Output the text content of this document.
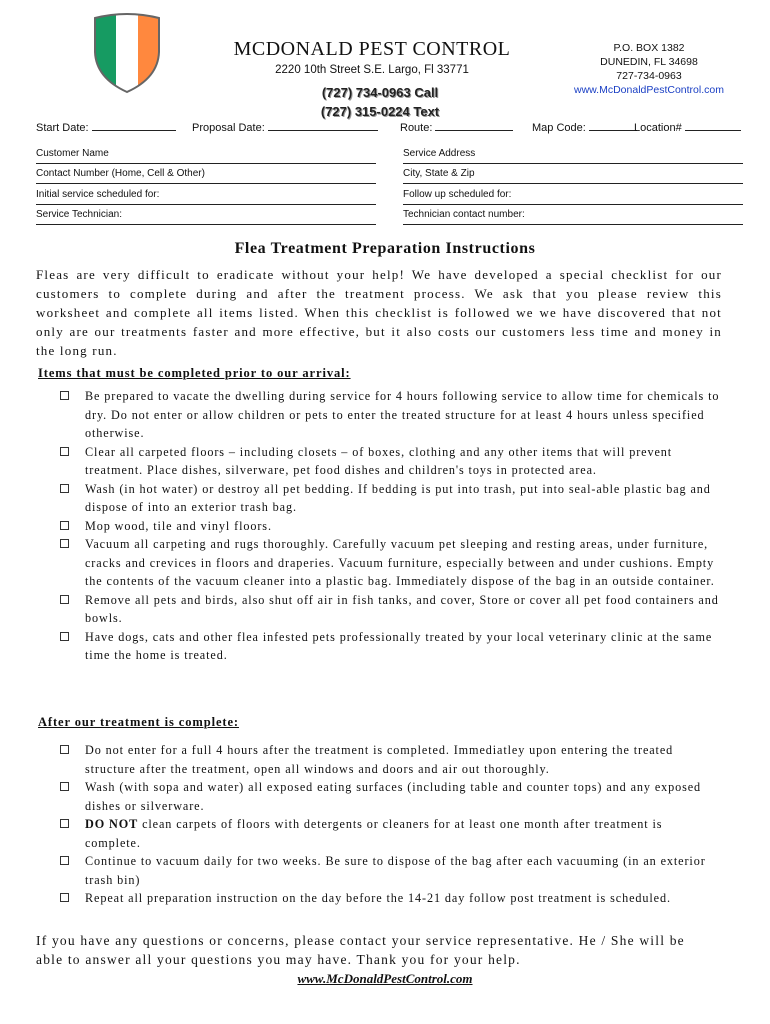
MCDONALD PEST CONTROL
2220 10th Street S.E. Largo, Fl 33771
(727) 734-0963 Call
(727) 315-0224 Text
P.O. BOX 1382
DUNEDIN, FL 34698
727-734-0963
www.McDonaldPestControl.com
Start Date:	Proposal Date:	Route:	Map Code:	Location#
Customer Name
Contact Number (Home, Cell & Other)
Initial service scheduled for:
Service Technician:
Service Address
City, State & Zip
Follow up scheduled for:
Technician contact number:
Flea Treatment Preparation Instructions
Fleas are very difficult to eradicate without your help! We have developed a special checklist for our customers to complete during and after the treatment process. We ask that you please review this worksheet and complete all items listed. When this checklist is followed we we have discovered that not only are our treatments faster and more effective, but it also costs our customers less time and money in the long run.
Items that must be completed prior to our arrival:
Be prepared to vacate the dwelling during service for 4 hours following service to allow time for chemicals to dry. Do not enter or allow children or pets to enter the treated structure for at least 4 hours unless specified otherwise.
Clear all carpeted floors – including closets – of boxes, clothing and any other items that will prevent treatment. Place dishes, silverware, pet food dishes and children's toys in protected area.
Wash (in hot water) or destroy all pet bedding. If bedding is put into trash, put into seal-able plastic bag and dispose of into an exterior trash bag.
Mop wood, tile and vinyl floors.
Vacuum all carpeting and rugs thoroughly. Carefully vacuum pet sleeping and resting areas, under furniture, cracks and crevices in floors and draperies. Vacuum furniture, especially between and under cushions. Empty the contents of the vacuum cleaner into a plastic bag. Immediately dispose of the bag in an outside container.
Remove all pets and birds, also shut off air in fish tanks, and cover, Store or cover all pet food containers and bowls.
Have dogs, cats and other flea infested pets professionally treated by your local veterinary clinic at the same time the home is treated.
After our treatment is complete:
Do not enter for a full 4 hours after the treatment is completed. Immediatley upon entering the treated structure after the treatment, open all windows and doors and air out thoroughly.
Wash (with sopa and water) all exposed eating surfaces (including table and counter tops) and any exposed dishes or silverware.
DO NOT clean carpets of floors with detergents or cleaners for at least one month after treatment is complete.
Continue to vacuum daily for two weeks. Be sure to dispose of the bag after each vacuuming (in an exterior trash bin)
Repeat all preparation instruction on the day before the 14-21 day follow post treatment is scheduled.
If you have any questions or concerns, please contact your service representative. He / She will be able to answer all your questions you may have. Thank you for your help.
www.McDonaldPestControl.com
